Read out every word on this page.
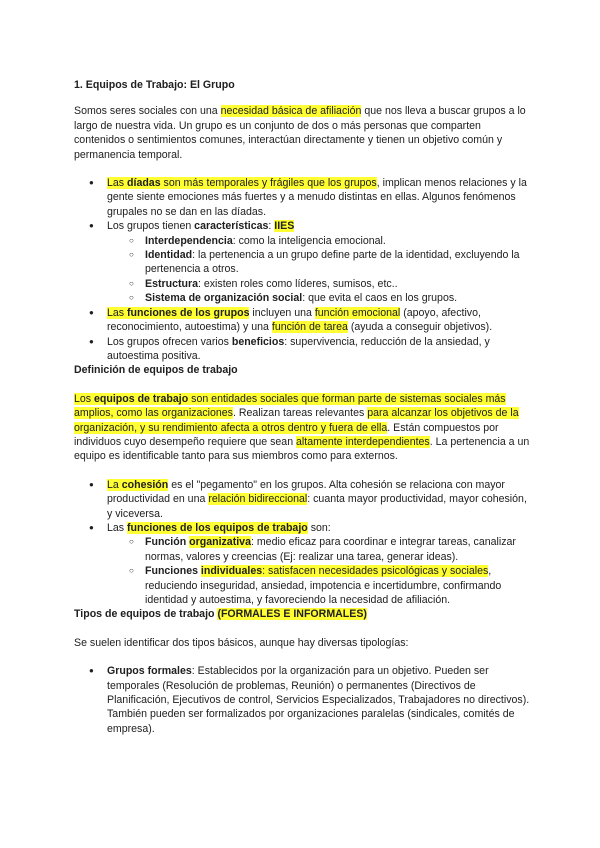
1. Equipos de Trabajo: El Grupo

Somos seres sociales con una necesidad básica de afiliación que nos lleva a buscar grupos a lo largo de nuestra vida. Un grupo es un conjunto de dos o más personas que comparten contenidos o sentimientos comunes, interactúan directamente y tienen un objetivo común y permanencia temporal.

● Las díadas son más temporales y frágiles que los grupos, implican menos relaciones y la gente siente emociones más fuertes y a menudo distintas en ellas. Algunos fenómenos grupales no se dan en las díadas.
● Los grupos tienen características: IIES
○ Interdependencia: como la inteligencia emocional.
○ Identidad: la pertenencia a un grupo define parte de la identidad, excluyendo la pertenencia a otros.
○ Estructura: existen roles como líderes, sumisos, etc..
○ Sistema de organización social: que evita el caos en los grupos.
● Las funciones de los grupos incluyen una función emocional (apoyo, afectivo, reconocimiento, autoestima) y una función de tarea (ayuda a conseguir objetivos).
● Los grupos ofrecen varios beneficios: supervivencia, reducción de la ansiedad, y autoestima positiva.

Definición de equipos de trabajo

Los equipos de trabajo son entidades sociales que forman parte de sistemas sociales más amplios, como las organizaciones. Realizan tareas relevantes para alcanzar los objetivos de la organización, y su rendimiento afecta a otros dentro y fuera de ella. Están compuestos por individuos cuyo desempeño requiere que sean altamente interdependientes. La pertenencia a un equipo es identificable tanto para sus miembros como para externos.

● La cohesión es el "pegamento" en los grupos. Alta cohesión se relaciona con mayor productividad en una relación bidireccional: cuanta mayor productividad, mayor cohesión, y viceversa.
● Las funciones de los equipos de trabajo son:
○ Función organizativa: medio eficaz para coordinar e integrar tareas, canalizar normas, valores y creencias (Ej: realizar una tarea, generar ideas).
○ Funciones individuales: satisfacen necesidades psicológicas y sociales, reduciendo inseguridad, ansiedad, impotencia e incertidumbre, confirmando identidad y autoestima, y favoreciendo la necesidad de afiliación.

Tipos de equipos de trabajo (FORMALES E INFORMALES)

Se suelen identificar dos tipos básicos, aunque hay diversas tipologías:

● Grupos formales: Establecidos por la organización para un objetivo. Pueden ser temporales (Resolución de problemas, Reunión) o permanentes (Directivos de Planificación, Ejecutivos de control, Servicios Especializados, Trabajadores no directivos). También pueden ser formalizados por organizaciones paralelas (sindicales, comités de empresa).
